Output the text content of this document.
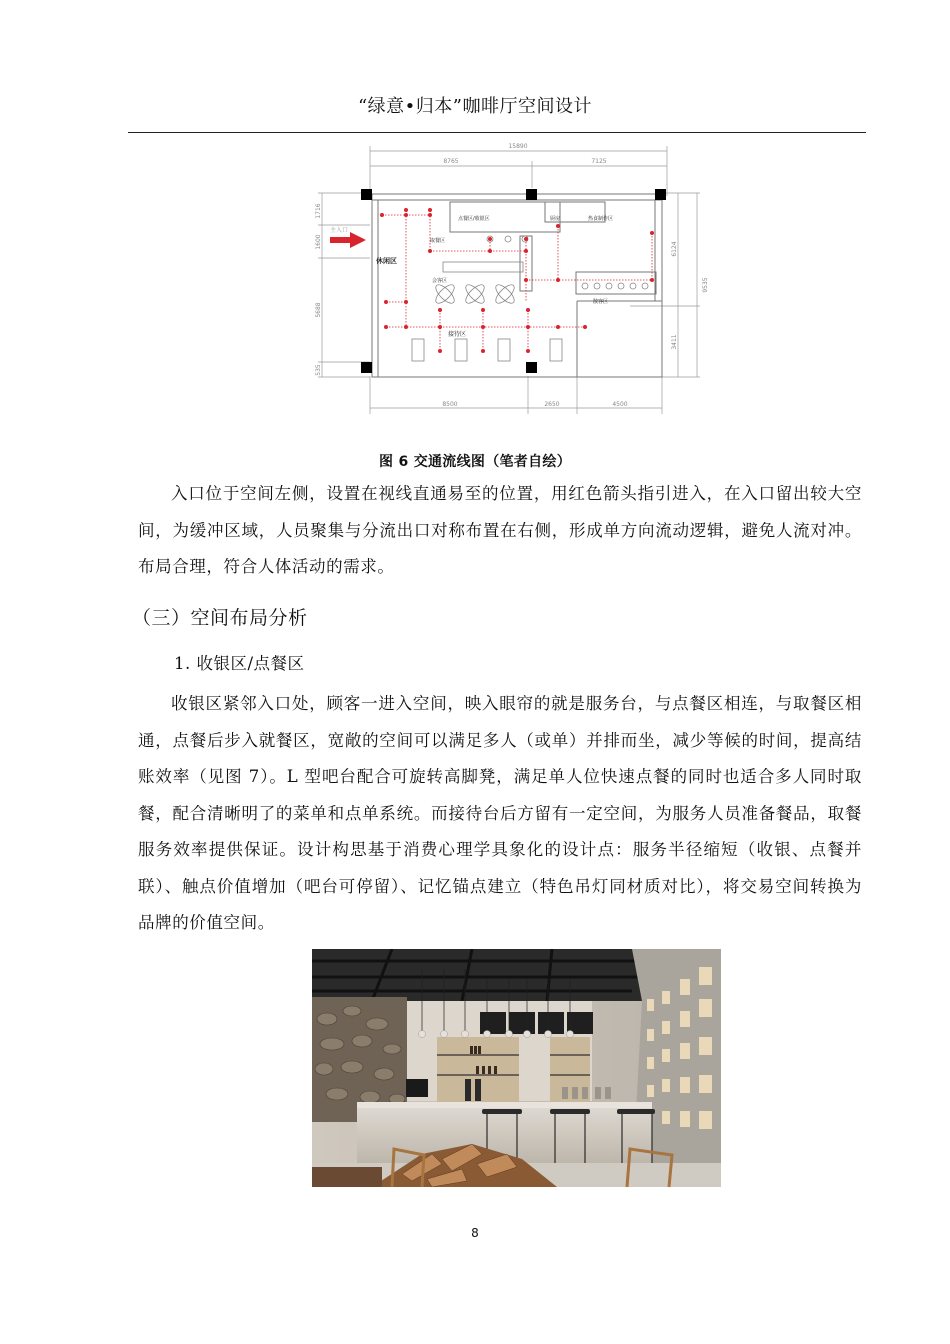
“绿意•归本”咖啡厅空间设计
15890
8765	7125
8500	2650	4500
1716
1600
5688
535
6124
3411
9535
主入口
休闲区
点餐区/收银区	厨房	热食制作区
取餐区
会客区
接待区
散客区
图 6 交通流线图（笔者自绘）

入口位于空间左侧，设置在视线直通易至的位置，用红色箭头指引进入，在入口留出较大空间，为缓冲区域，人员聚集与分流出口对称布置在右侧，形成单方向流动逻辑，避免人流对冲。布局合理，符合人体活动的需求。

（三）空间布局分析
1. 收银区/点餐区

收银区紧邻入口处，顾客一进入空间，映入眼帘的就是服务台，与点餐区相连，与取餐区相通，点餐后步入就餐区，宽敞的空间可以满足多人（或单）并排而坐，减少等候的时间，提高结账效率（见图 7）。L 型吧台配合可旋转高脚凳，满足单人位快速点餐的同时也适合多人同时取餐，配合清晰明了的菜单和点单系统。而接待台后方留有一定空间，为服务人员准备餐品，取餐服务效率提供保证。设计构思基于消费心理学具象化的设计点：服务半径缩短（收银、点餐并联）、触点价值增加（吧台可停留）、记忆锚点建立（特色吊灯同材质对比），将交易空间转换为品牌的价值空间。

8
